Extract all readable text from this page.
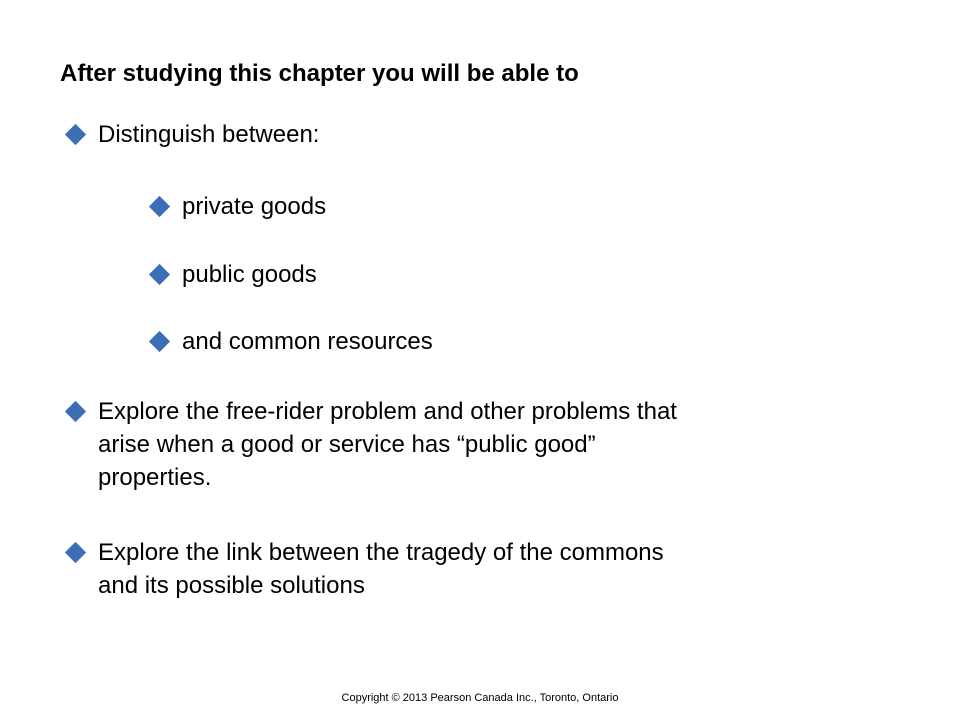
After studying this chapter you will be able to
Distinguish between:
private goods
public goods
and common resources
Explore the free-rider problem and other problems that
arise when a good or service has “public good”
properties.
Explore the link between the tragedy of the commons
and its possible solutions
Copyright © 2013 Pearson Canada Inc., Toronto, Ontario
